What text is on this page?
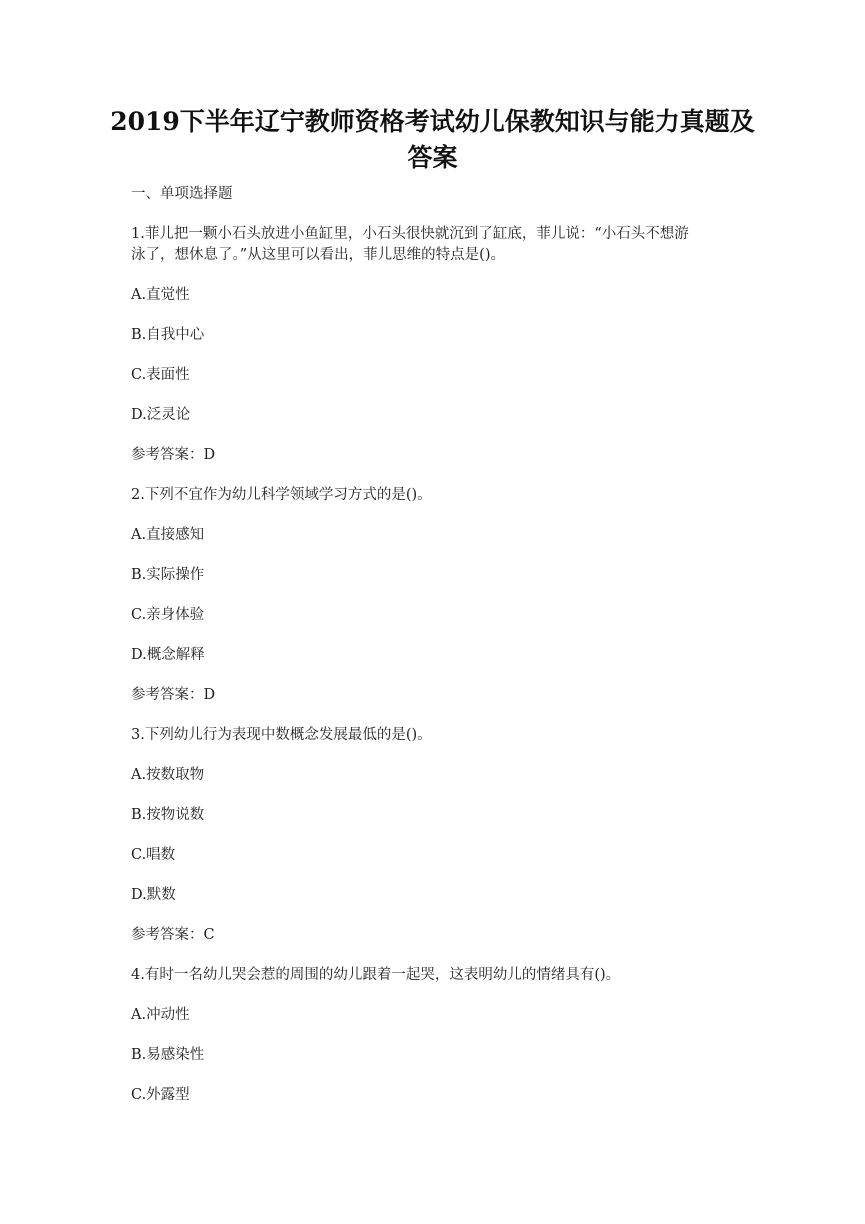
2019下半年辽宁教师资格考试幼儿保教知识与能力真题及
答案

一、单项选择题

1.菲儿把一颗小石头放进小鱼缸里，小石头很快就沉到了缸底，菲儿说：“小石头不想游
泳了，想休息了。”从这里可以看出，菲儿思维的特点是()。

A.直觉性

B.自我中心

C.表面性

D.泛灵论

参考答案：D

2.下列不宜作为幼儿科学领域学习方式的是()。

A.直接感知

B.实际操作

C.亲身体验

D.概念解释

参考答案：D

3.下列幼儿行为表现中数概念发展最低的是()。

A.按数取物

B.按物说数

C.唱数

D.默数

参考答案：C

4.有时一名幼儿哭会惹的周围的幼儿跟着一起哭，这表明幼儿的情绪具有()。

A.冲动性

B.易感染性

C.外露型
